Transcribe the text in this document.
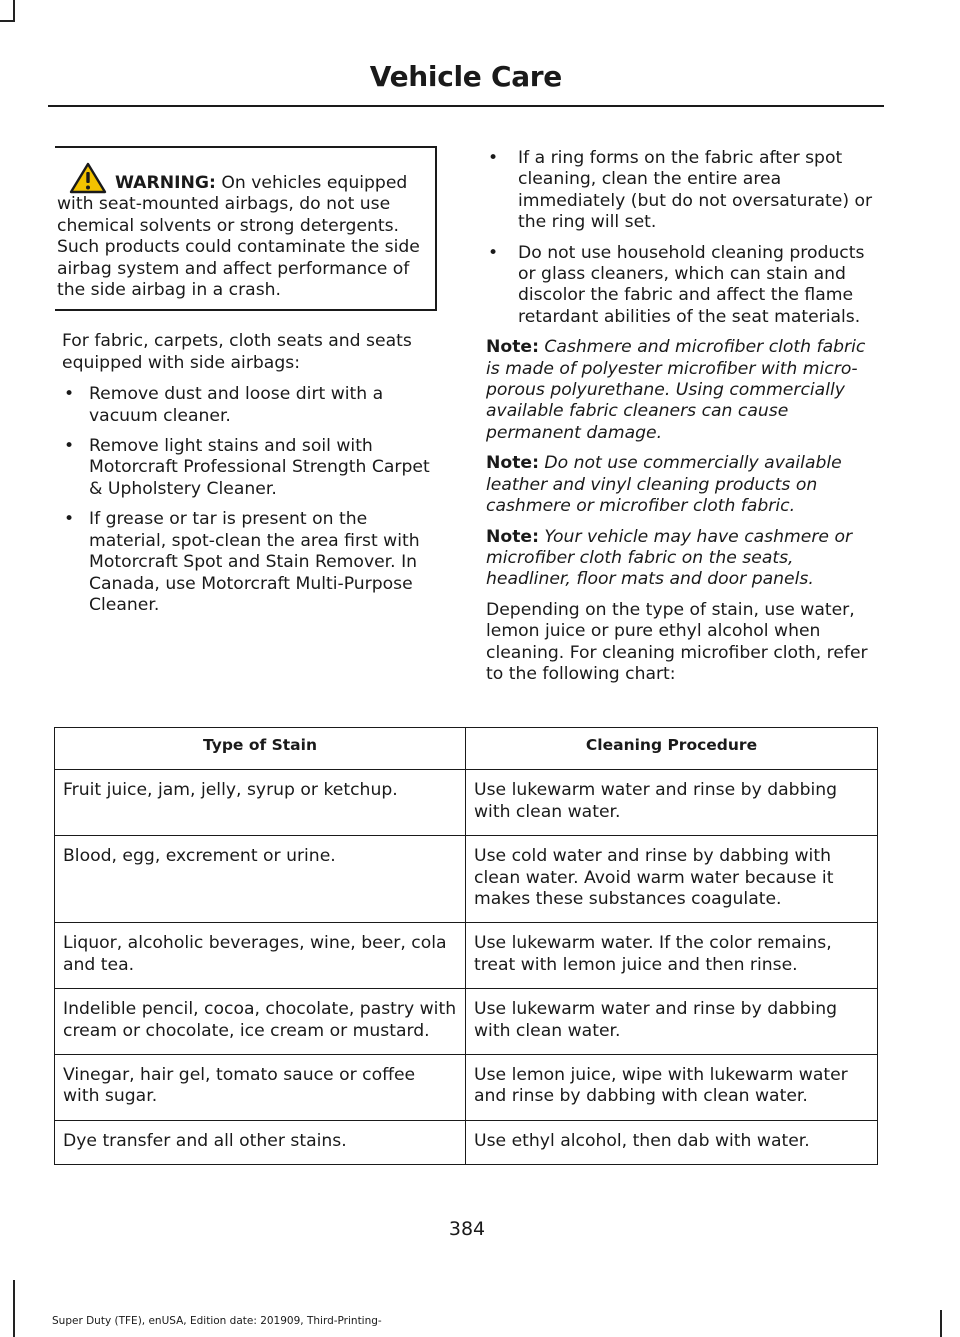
Vehicle Care
WARNING: On vehicles equipped
with seat-mounted airbags, do not use chemical solvents or strong detergents. Such products could contaminate the side airbag system and affect performance of the side airbag in a crash.

For fabric, carpets, cloth seats and seats equipped with side airbags:

• Remove dust and loose dirt with a vacuum cleaner.
• Remove light stains and soil with Motorcraft Professional Strength Carpet & Upholstery Cleaner.
• If grease or tar is present on the material, spot-clean the area first with Motorcraft Spot and Stain Remover. In Canada, use Motorcraft Multi-Purpose Cleaner.
• If a ring forms on the fabric after spot cleaning, clean the entire area immediately (but do not oversaturate) or the ring will set.
• Do not use household cleaning products or glass cleaners, which can stain and discolor the fabric and affect the flame retardant abilities of the seat materials.

Note: Cashmere and microfiber cloth fabric is made of polyester microfiber with micro-porous polyurethane. Using commercially available fabric cleaners can cause permanent damage.

Note: Do not use commercially available leather and vinyl cleaning products on cashmere or microfiber cloth fabric.

Note: Your vehicle may have cashmere or microfiber cloth fabric on the seats, headliner, floor mats and door panels.

Depending on the type of stain, use water, lemon juice or pure ethyl alcohol when cleaning. For cleaning microfiber cloth, refer to the following chart:

Type of Stain	Cleaning Procedure
Fruit juice, jam, jelly, syrup or ketchup.	Use lukewarm water and rinse by dabbing with clean water.
Blood, egg, excrement or urine.	Use cold water and rinse by dabbing with clean water. Avoid warm water because it makes these substances coagulate.
Liquor, alcoholic beverages, wine, beer, cola and tea.	Use lukewarm water. If the color remains, treat with lemon juice and then rinse.
Indelible pencil, cocoa, chocolate, pastry with cream or chocolate, ice cream or mustard.	Use lukewarm water and rinse by dabbing with clean water.
Vinegar, hair gel, tomato sauce or coffee with sugar.	Use lemon juice, wipe with lukewarm water and rinse by dabbing with clean water.
Dye transfer and all other stains.	Use ethyl alcohol, then dab with water.
384
Super Duty (TFE), enUSA, Edition date: 201909, Third-Printing-
